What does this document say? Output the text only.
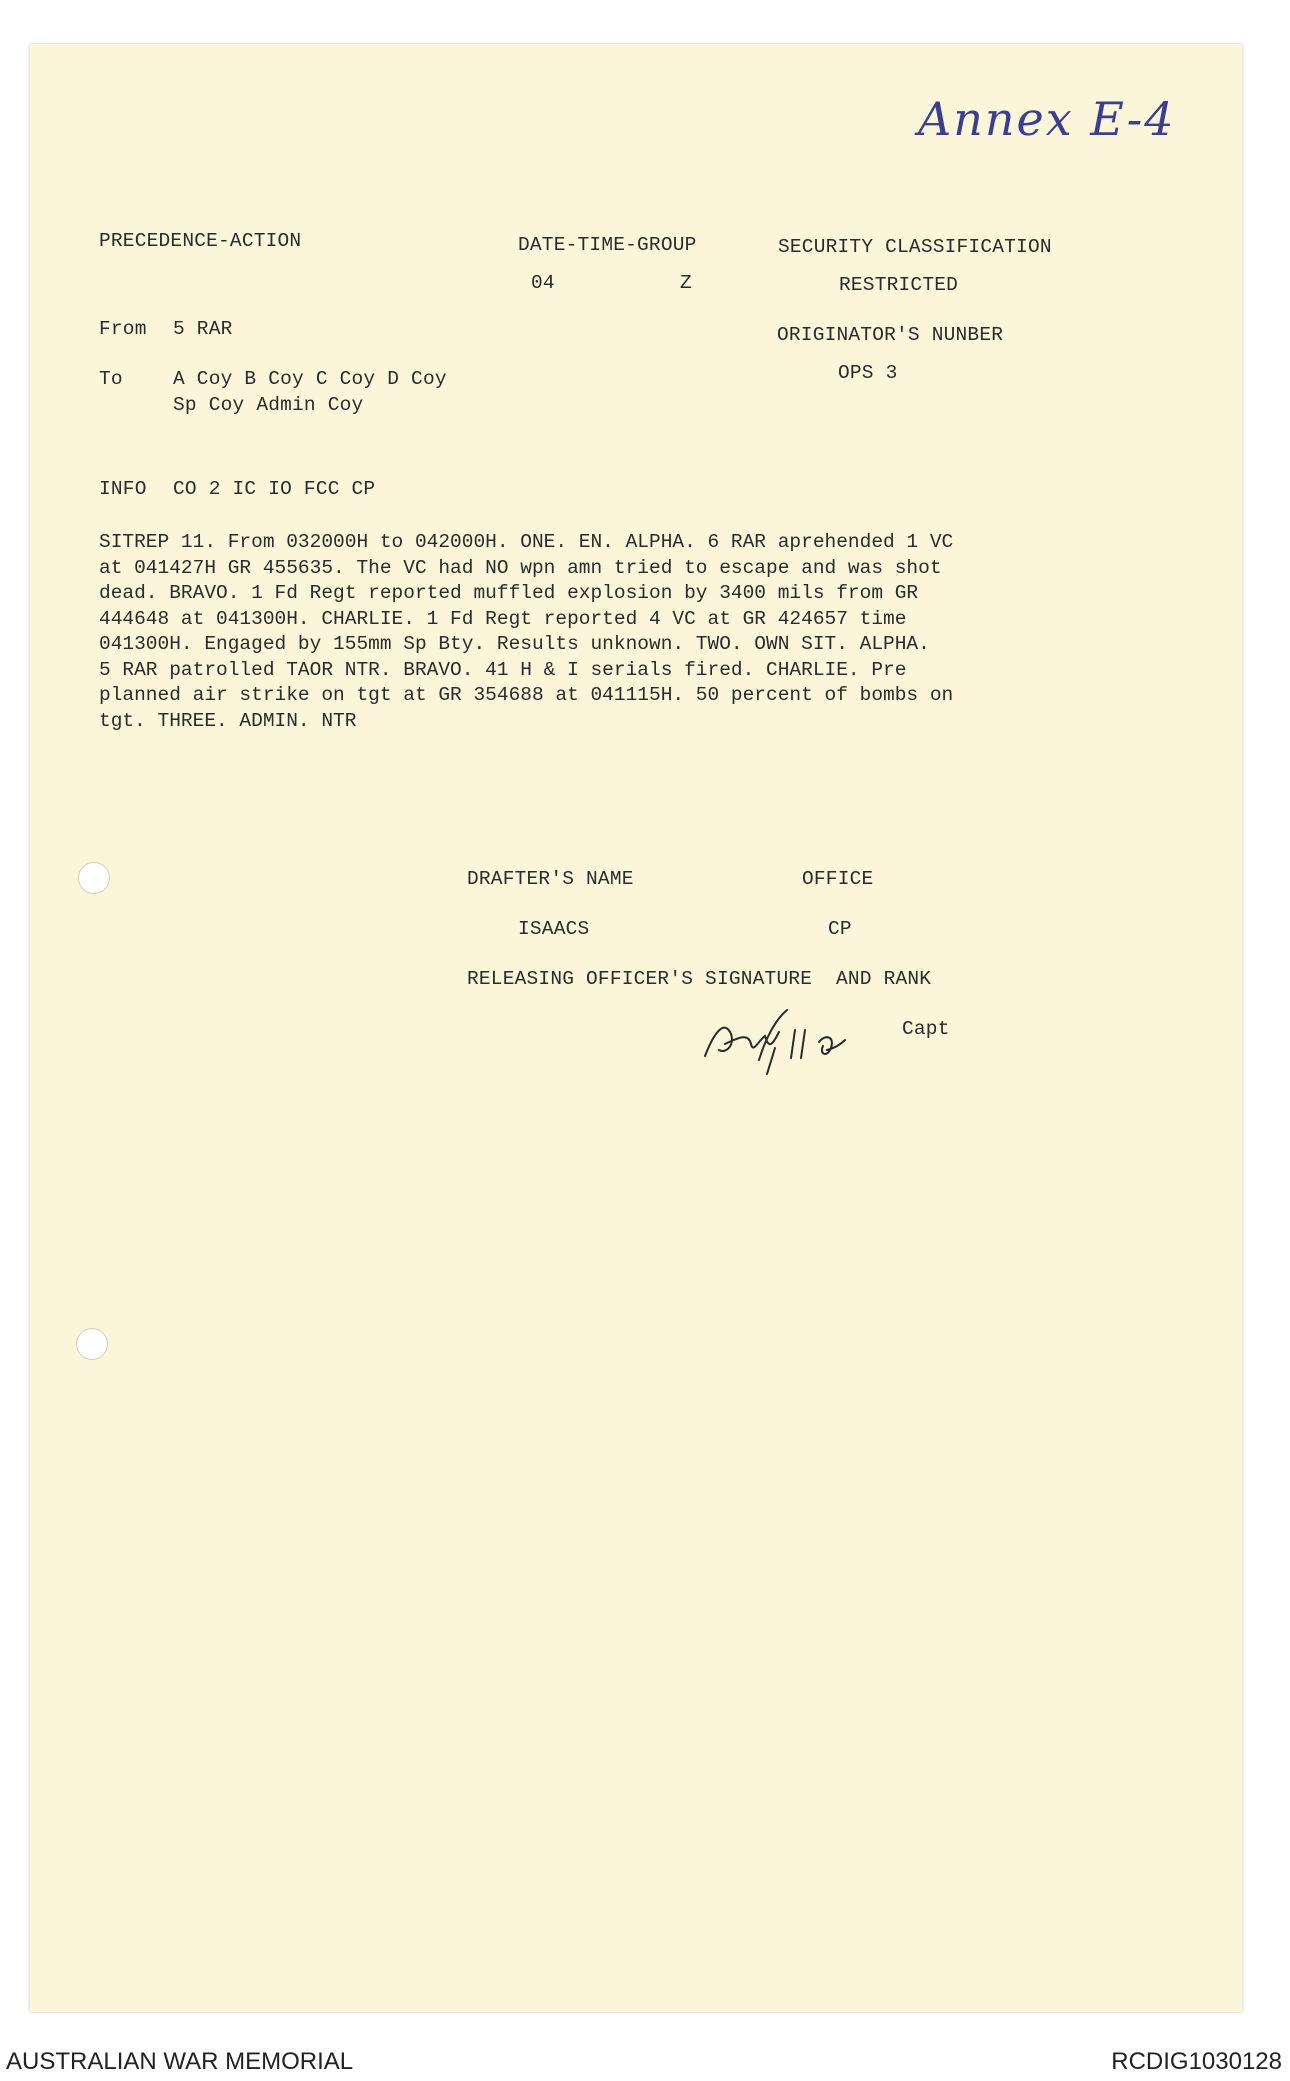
Annex E-4
PRECEDENCE-ACTION	DATE-TIME-GROUP
04	Z
SECURITY CLASSIFICATION
RESTRICTED
ORIGINATOR'S NUNBER
OPS 3
From 5 RAR
To	A Coy B Coy C Coy D Coy
Sp Coy Admin Coy
INFO CO 2 IC IO FCC CP
SITREP 11. From 032000H to 042000H. ONE. EN. ALPHA. 6 RAR aprehended 1 VC
at 041427H GR 455635. The VC had NO wpn amn tried to escape and was shot
dead. BRAVO. 1 Fd Regt reported muffled explosion by 3400 mils from GR
444648 at 041300H. CHARLIE. 1 Fd Regt reported 4 VC at GR 424657 time
041300H. Engaged by 155mm Sp Bty. Results unknown. TWO. OWN SIT. ALPHA.
5 RAR patrolled TAOR NTR. BRAVO. 41 H & I serials fired. CHARLIE. Pre
planned air strike on tgt at GR 354688 at 041115H. 50 percent of bombs on
tgt. THREE. ADMIN. NTR
DRAFTER'S NAME	OFFICE
ISAACS	CP
RELEASING OFFICER'S SIGNATURE  AND RANK
Capt
AUSTRALIAN WAR MEMORIAL	RCDIG1030128
